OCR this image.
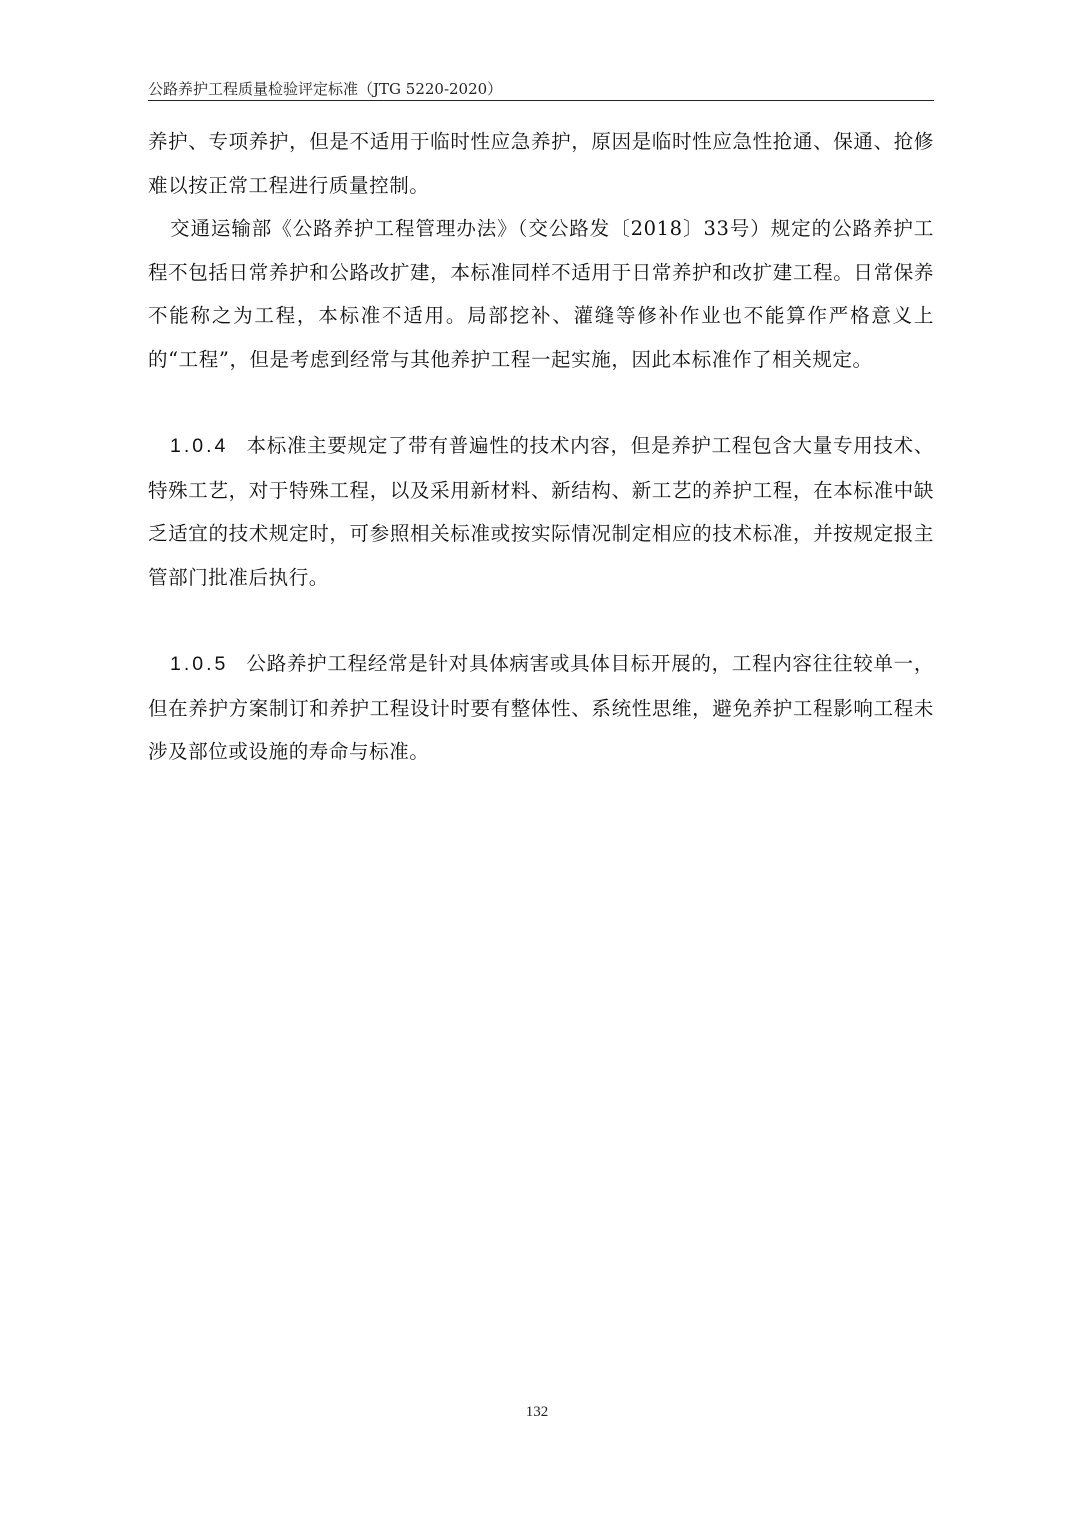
公路养护工程质量检验评定标准（JTG 5220-2020）

养护、专项养护，但是不适用于临时性应急养护，原因是临时性应急性抢通、保通、抢修难以按正常工程进行质量控制。

交通运输部《公路养护工程管理办法》（交公路发〔2018〕33号）规定的公路养护工程不包括日常养护和公路改扩建，本标准同样不适用于日常养护和改扩建工程。日常保养不能称之为工程，本标准不适用。局部挖补、灌缝等修补作业也不能算作严格意义上的“工程”，但是考虑到经常与其他养护工程一起实施，因此本标准作了相关规定。

1.0.4 本标准主要规定了带有普遍性的技术内容，但是养护工程包含大量专用技术、特殊工艺，对于特殊工程，以及采用新材料、新结构、新工艺的养护工程，在本标准中缺乏适宜的技术规定时，可参照相关标准或按实际情况制定相应的技术标准，并按规定报主管部门批准后执行。

1.0.5 公路养护工程经常是针对具体病害或具体目标开展的，工程内容往往较单一，但在养护方案制订和养护工程设计时要有整体性、系统性思维，避免养护工程影响工程未涉及部位或设施的寿命与标准。

132
